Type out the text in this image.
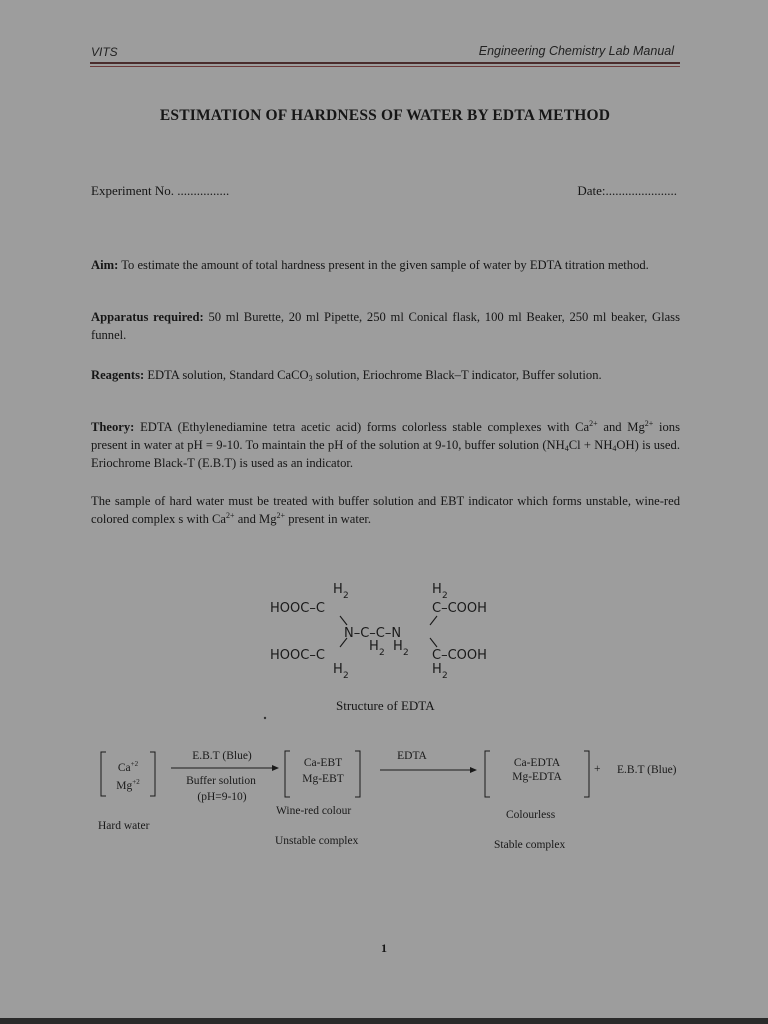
VITS	Engineering Chemistry Lab Manual
ESTIMATION OF HARDNESS OF WATER BY EDTA METHOD
Experiment No. ................	Date:......................
Aim: To estimate the amount of total hardness present in the given sample of water by EDTA titration method.
Apparatus required: 50 ml Burette, 20 ml Pipette, 250 ml Conical flask, 100 ml Beaker, 250 ml beaker, Glass funnel.
Reagents: EDTA solution, Standard CaCO$_3$ solution, Eriochrome Black–T indicator, Buffer solution.
Theory: EDTA (Ethylenediamine tetra acetic acid) forms colorless stable complexes with $Ca^{2+}$ and $Mg^{2+}$ ions present in water at pH = 9-10. To maintain the pH of the solution at 9-10, buffer solution $(NH_4Cl + NH_4OH)$ is used. Eriochrome Black-T (E.B.T) is used as an indicator.
The sample of hard water must be treated with buffer solution and EBT indicator which forms unstable, wine-red colored complex s with $Ca^{2+}$ and $Mg^{2+}$ present in water.
H 2	H 2
HOOC–C	C–COOH
N–C–C–N
H 2 H 2
HOOC–C	C–COOH
H 2	H 2
Structure of EDTA
$Ca^{+2}$
$Mg^{+2}$
Hard water
E.B.T (Blue)
Buffer solution
(pH=9-10)
Ca-EBT
Mg-EBT
Wine-red colour
Unstable complex
EDTA
Ca-EDTA
Mg-EDTA
+ E.B.T (Blue)
Colourless
Stable complex
1
